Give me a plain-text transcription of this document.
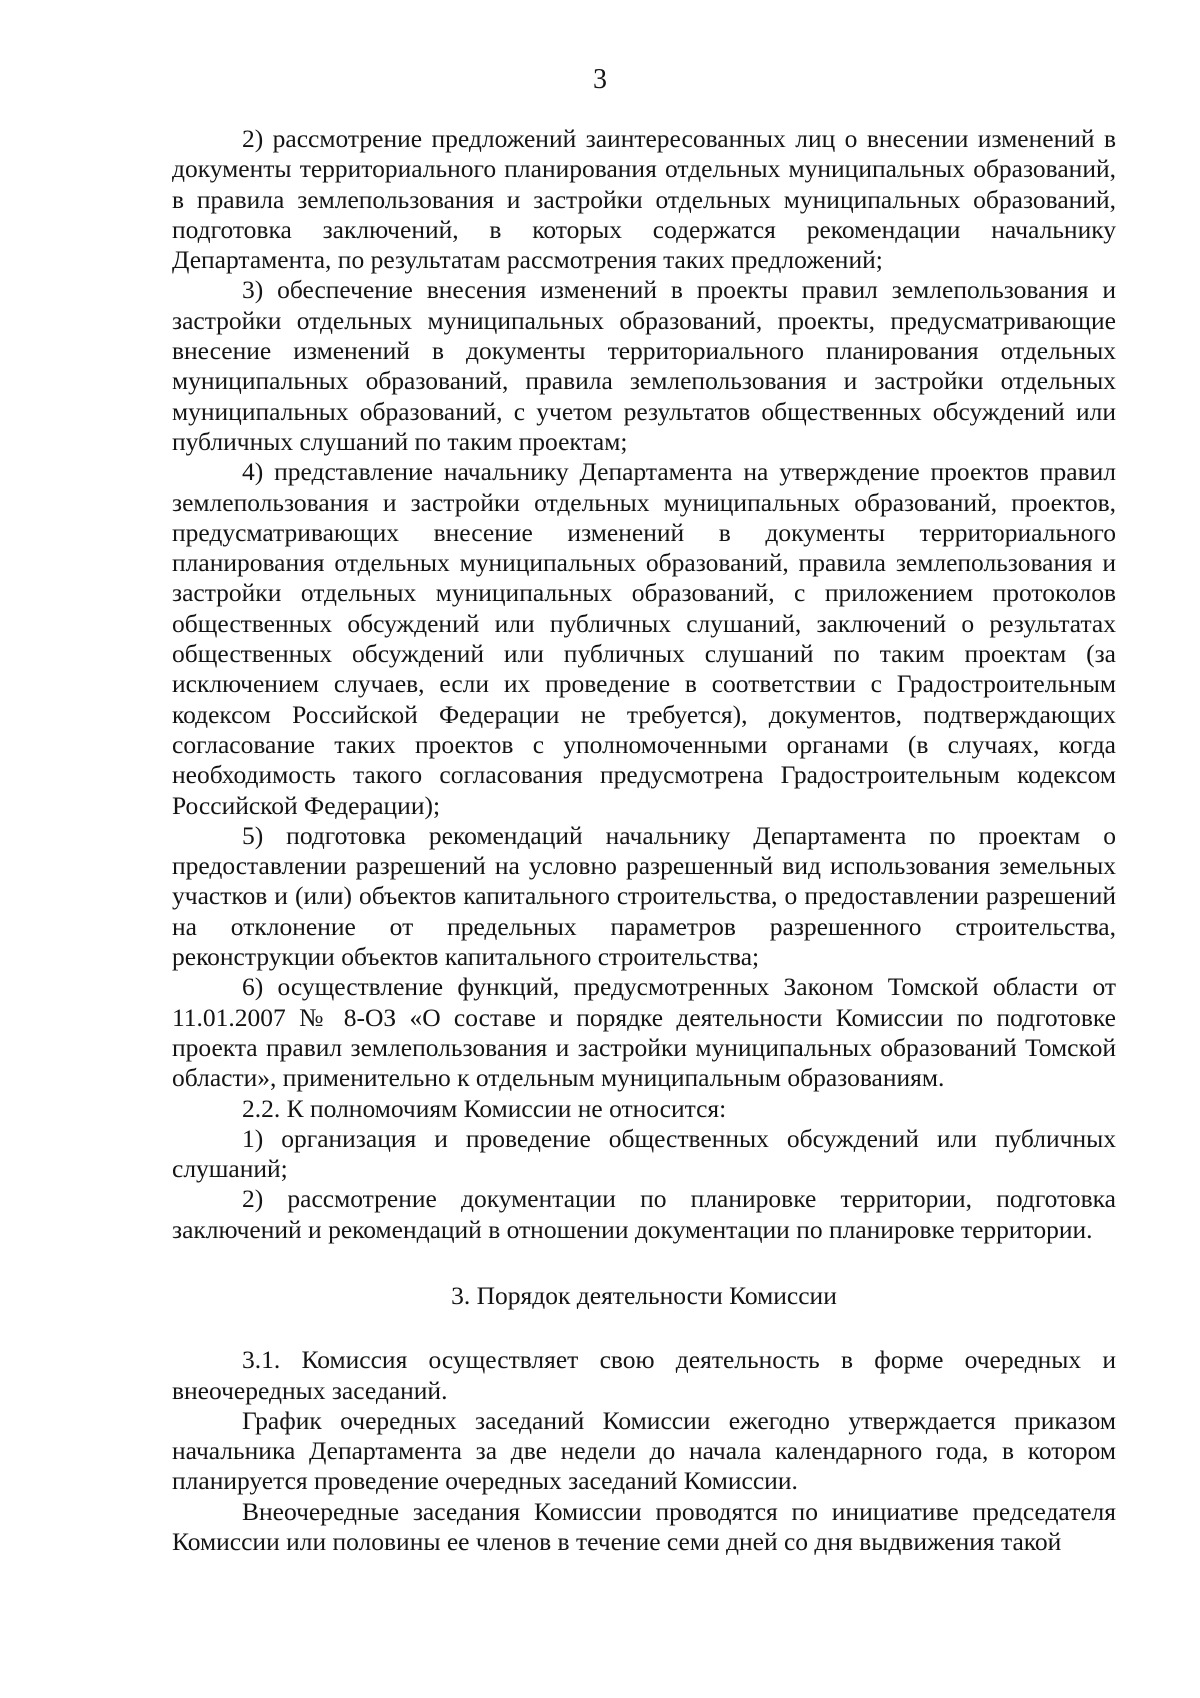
3

2) рассмотрение предложений заинтересованных лиц о внесении изменений в документы территориального планирования отдельных муниципальных образований, в правила землепользования и застройки отдельных муниципальных образований, подготовка заключений, в которых содержатся рекомендации начальнику Департамента, по результатам рассмотрения таких предложений;

3) обеспечение внесения изменений в проекты правил землепользования и застройки отдельных муниципальных образований, проекты, предусматривающие внесение изменений в документы территориального планирования отдельных муниципальных образований, правила землепользования и застройки отдельных муниципальных образований, с учетом результатов общественных обсуждений или публичных слушаний по таким проектам;

4) представление начальнику Департамента на утверждение проектов правил землепользования и застройки отдельных муниципальных образований, проектов, предусматривающих внесение изменений в документы территориального планирования отдельных муниципальных образований, правила землепользования и застройки отдельных муниципальных образований, с приложением протоколов общественных обсуждений или публичных слушаний, заключений о результатах общественных обсуждений или публичных слушаний по таким проектам (за исключением случаев, если их проведение в соответствии с Градостроительным кодексом Российской Федерации не требуется), документов, подтверждающих согласование таких проектов с уполномоченными органами (в случаях, когда необходимость такого согласования предусмотрена Градостроительным кодексом Российской Федерации);

5) подготовка рекомендаций начальнику Департамента по проектам о предоставлении разрешений на условно разрешенный вид использования земельных участков и (или) объектов капитального строительства, о предоставлении разрешений на отклонение от предельных параметров разрешенного строительства, реконструкции объектов капитального строительства;

6) осуществление функций, предусмотренных Законом Томской области от 11.01.2007 № 8-ОЗ «О составе и порядке деятельности Комиссии по подготовке проекта правил землепользования и застройки муниципальных образований Томской области», применительно к отдельным муниципальным образованиям.

2.2. К полномочиям Комиссии не относится:

1) организация и проведение общественных обсуждений или публичных слушаний;

2) рассмотрение документации по планировке территории, подготовка заключений и рекомендаций в отношении документации по планировке территории.

3. Порядок деятельности Комиссии

3.1. Комиссия осуществляет свою деятельность в форме очередных и внеочередных заседаний.

График очередных заседаний Комиссии ежегодно утверждается приказом начальника Департамента за две недели до начала календарного года, в котором планируется проведение очередных заседаний Комиссии.

Внеочередные заседания Комиссии проводятся по инициативе председателя Комиссии или половины ее членов в течение семи дней со дня выдвижения такой
